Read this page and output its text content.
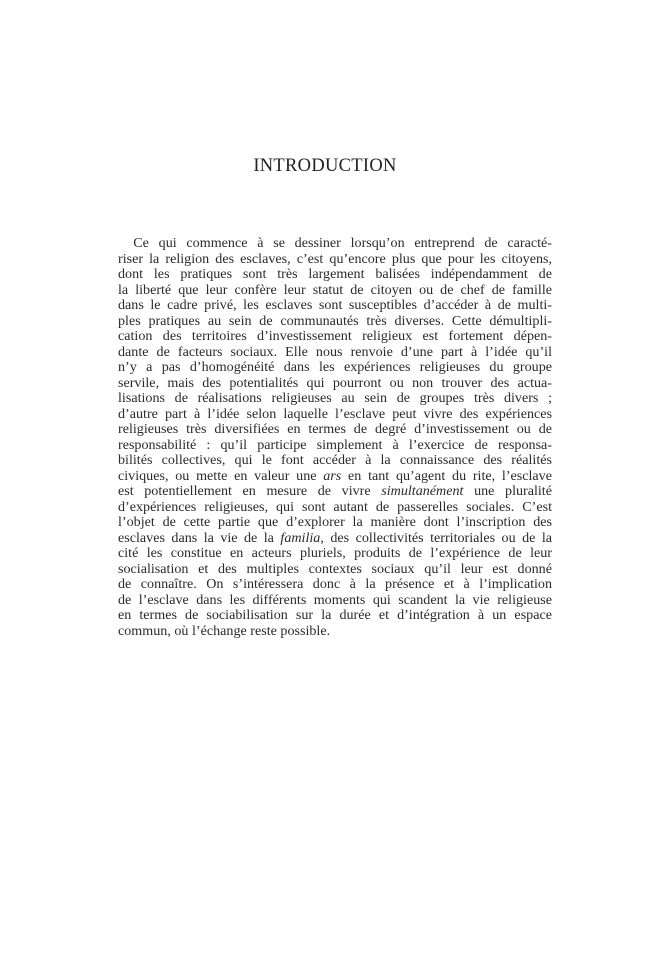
INTRODUCTION
  Ce qui commence à se dessiner lorsqu’on entreprend de caracté-
riser la religion des esclaves, c’est qu’encore plus que pour les citoyens,
dont les pratiques sont très largement balisées indépendamment de
la liberté que leur confère leur statut de citoyen ou de chef de famille
dans le cadre privé, les esclaves sont susceptibles d’accéder à de multi-
ples pratiques au sein de communautés très diverses. Cette démultipli-
cation des territoires d’investissement religieux est fortement dépen-
dante de facteurs sociaux. Elle nous renvoie d’une part à l’idée qu’il
n’y a pas d’homogénéité dans les expériences religieuses du groupe
servile, mais des potentialités qui pourront ou non trouver des actua-
lisations de réalisations religieuses au sein de groupes très divers ;
d’autre part à l’idée selon laquelle l’esclave peut vivre des expériences
religieuses très diversifiées en termes de degré d’investissement ou de
responsabilité : qu’il participe simplement à l’exercice de responsa-
bilités collectives, qui le font accéder à la connaissance des réalités
civiques, ou mette en valeur une ars en tant qu’agent du rite, l’esclave
est potentiellement en mesure de vivre simultanément une pluralité
d’expériences religieuses, qui sont autant de passerelles sociales. C’est
l’objet de cette partie que d’explorer la manière dont l’inscription des
esclaves dans la vie de la familia, des collectivités territoriales ou de la
cité les constitue en acteurs pluriels, produits de l’expérience de leur
socialisation et des multiples contextes sociaux qu’il leur est donné
de connaître. On s’intéressera donc à la présence et à l’implication
de l’esclave dans les différents moments qui scandent la vie religieuse
en termes de sociabilisation sur la durée et d’intégration à un espace
commun, où l’échange reste possible.
